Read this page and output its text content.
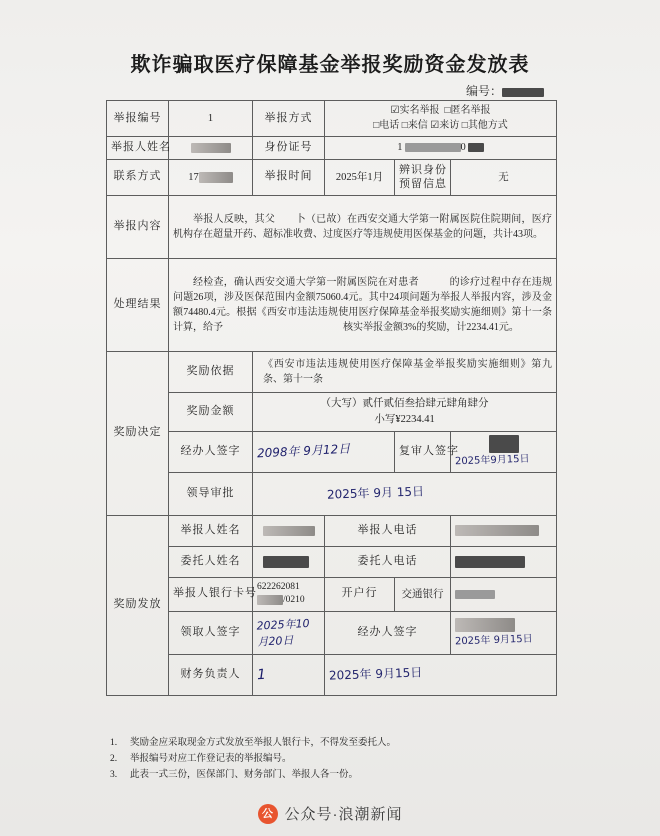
欺诈骗取医疗保障基金举报奖励资金发放表
编号：
举报编号	1	举报方式	☑实名举报 □匿名举报
□电话 □来信 ☑来访 □其他方式		

举报人姓名		身份证号	1 0		
联系方式	17	举报时间	2025年1月	辨识身份
预留信息	无
举报内容	举报人反映，其父　　卜（已故）在西安交通大学第一附属医院住院期间，医疗机构存在超量开药、超标准收费、过度医疗等违规使用医保基金的问题，共计43项。				
处理结果	经检查，确认西安交通大学第一附属医院在对患者　　　的诊疗过程中存在违规问题26项，涉及医保范围内金额75060.4元。其中24项问题为举报人举报内容，涉及金额74480.4元。根据《西安市违法违规使用医疗保障基金举报奖励实施细则》第十一条计算，给予　　　　　　　　　　　　核实举报金额3%的奖励，计2234.41元。				
奖励决定	奖励依据	《西安市违法违规使用医疗保障基金举报奖励实施细则》第九条、第十一条			
	奖励金额	（大写）贰仟贰佰叁拾肆元肆角肆分
小写¥2234.41			

	经办人签字	2098年 9月12日		复审人签字	2025年9月15日
	领导审批	2025年 9月 15日			
奖励发放	举报人姓名		举报人电话		
	委托人姓名		委托人电话		
	举报人银行卡号	622262081/0210	开户行	交通银行	
	领取人签字	2025年10月20日	经办人签字		2025年 9月15日
	财务负责人	1	2025年 9月15日		
1.	奖励金应采取现金方式发放至举报人银行卡，不得发至委托人。
2.	举报编号对应工作登记表的举报编号。
3.	此表一式三份，医保部门、财务部门、举报人各一份。
公 公众号·浪潮新闻
